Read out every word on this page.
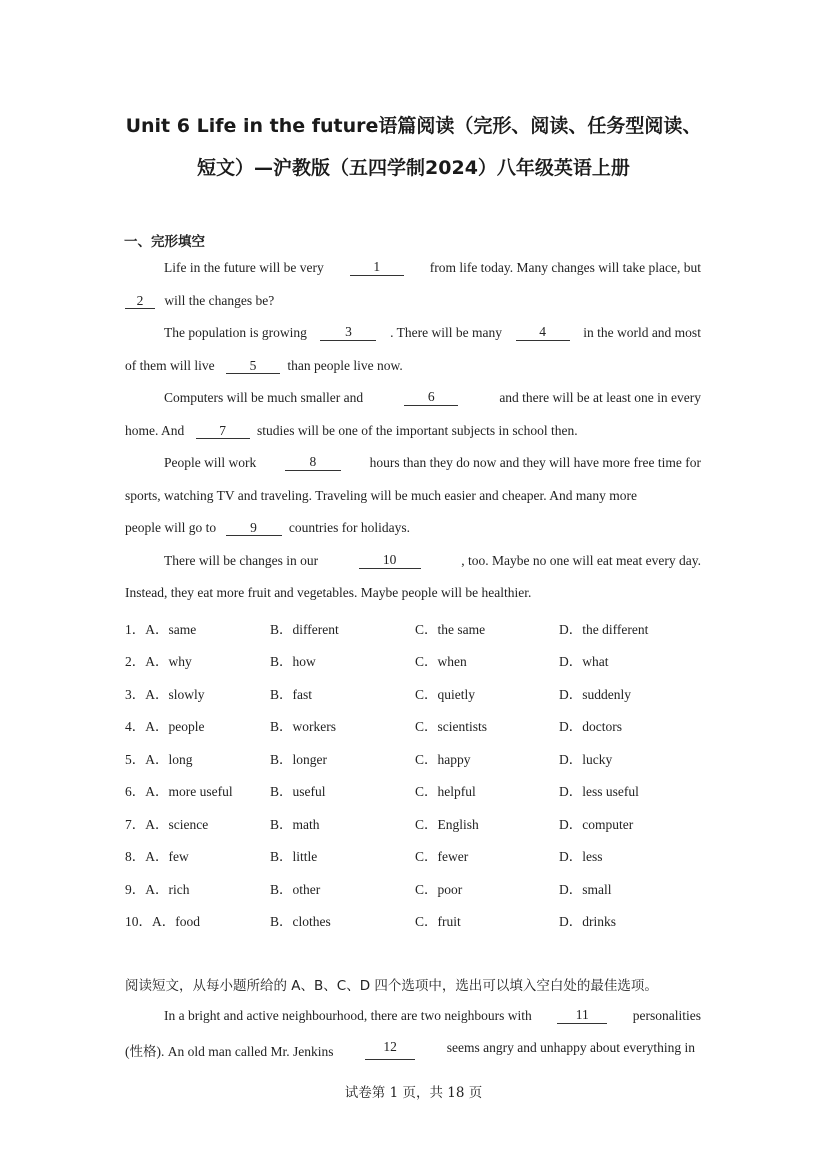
Unit 6 Life in the future语篇阅读（完形、阅读、任务型阅读、
短文）—沪教版（五四学制2024）八年级英语上册
一、完形填空
Life in the future will be very	1	from life today. Many changes will take place, but
2 will the changes be?
The population is growing	3	. There will be many	4	in the world and most
of them will live	5 than people live now.
Computers will be much smaller and	6	and there will be at least one in every
home. And	7 studies will be one of the important subjects in school then.
People will work	8	hours than they do now and they will have more free time for
sports, watching TV and traveling. Traveling will be much easier and cheaper. And many more
people will go to	9 countries for holidays.
There will be changes in our	10	, too. Maybe no one will eat meat every day.
Instead, they eat more fruit and vegetables. Maybe people will be healthier.
1．A．same	B．different	C．the same	D．the different
2．A．why	B．how	C．when	D．what
3．A．slowly	B．fast	C．quietly	D．suddenly
4．A．people	B．workers	C．scientists	D．doctors
5．A．long	B．longer	C．happy	D．lucky
6．A．more useful	B．useful	C．helpful	D．less useful
7．A．science	B．math	C．English	D．computer
8．A．few	B．little	C．fewer	D．less
9．A．rich	B．other	C．poor	D．small
10．A．food	B．clothes	C．fruit	D．drinks
阅读短文，从每小题所给的 A、B、C、D 四个选项中，选出可以填入空白处的最佳选项。
In a bright and active neighbourhood, there are two neighbours with	11	personalities
(性格). An old man called Mr. Jenkins	12	seems angry and unhappy about everything in
试卷第 1 页，共 18 页
